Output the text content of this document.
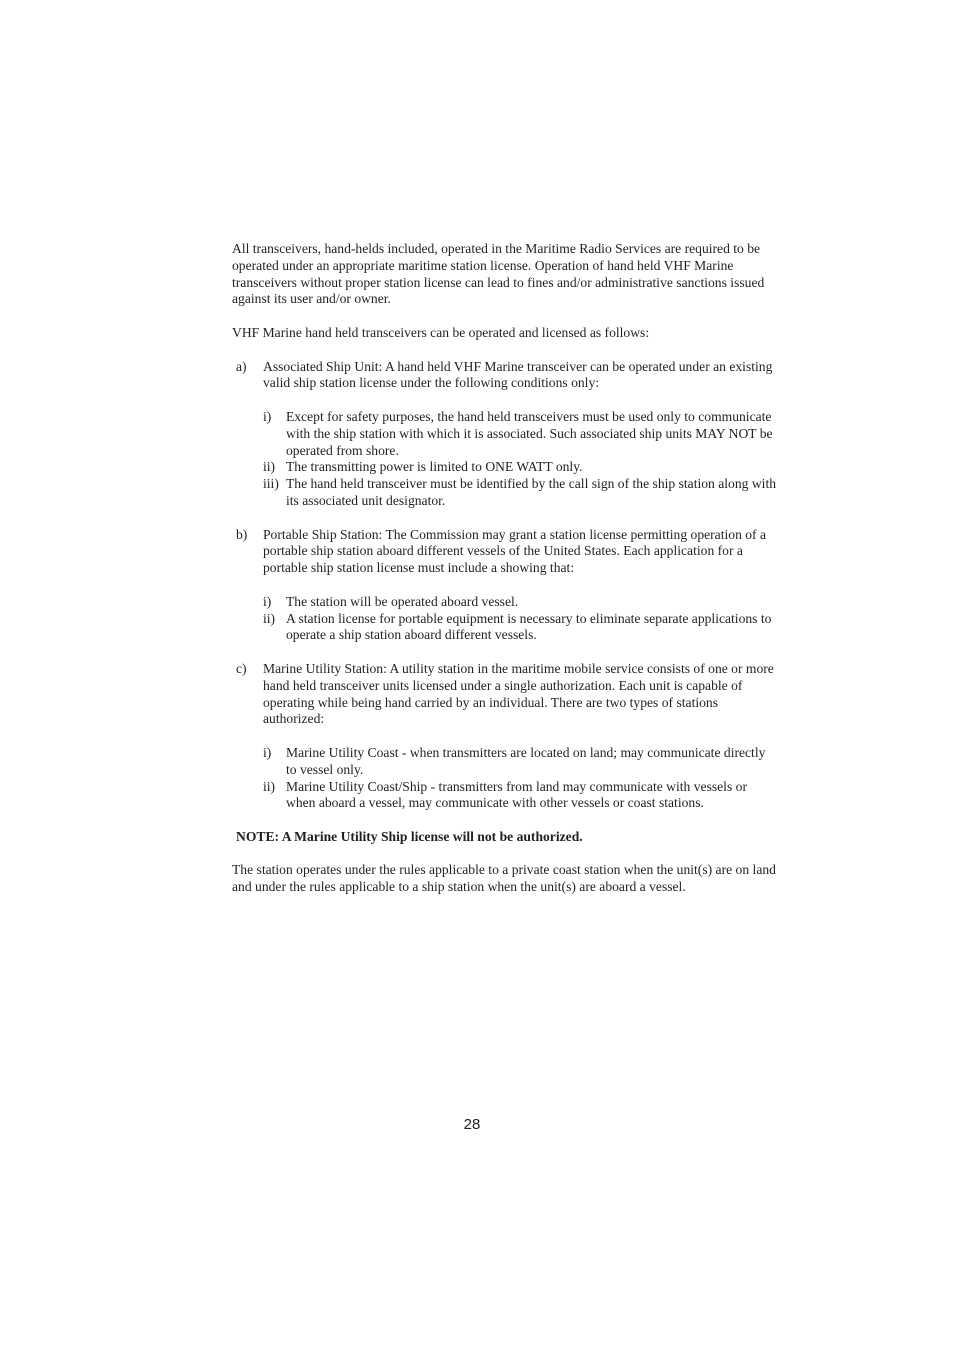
All transceivers, hand-helds included, operated in the Maritime Radio Services are required to be operated under an appropriate maritime station license. Operation of hand held VHF Marine transceivers without proper station license can lead to fines and/or administrative sanctions issued against its user and/or owner.

VHF Marine hand held transceivers can be operated and licensed as follows:

a)	Associated Ship Unit: A hand held VHF Marine transceiver can be operated under an existing valid ship station license under the following conditions only:

i)	Except for safety purposes, the hand held transceivers must be used only to communicate with the ship station with which it is associated. Such associated ship units MAY NOT be operated from shore.
ii) The transmitting power is limited to ONE WATT only.
iii) The hand held transceiver must be identified by the call sign of the ship station along with its associated unit designator.
b)	Portable Ship Station: The Commission may grant a station license permitting operation of a portable ship station aboard different vessels of the United States. Each application for a portable ship station license must include a showing that:

i)	The station will be operated aboard vessel.
ii) A station license for portable equipment is necessary to eliminate separate applications to operate a ship station aboard different vessels.
c)	Marine Utility Station: A utility station in the maritime mobile service consists of one or more hand held transceiver units licensed under a single authorization. Each unit is capable of operating while being hand carried by an individual. There are two types of stations authorized:

i)	Marine Utility Coast - when transmitters are located on land; may communicate directly to vessel only.
ii) Marine Utility Coast/Ship - transmitters from land may communicate with vessels or when aboard a vessel, may communicate with other vessels or coast stations.

NOTE: A Marine Utility Ship license will not be authorized.

The station operates under the rules applicable to a private coast station when the unit(s) are on land and under the rules applicable to a ship station when the unit(s) are aboard a vessel.

28
